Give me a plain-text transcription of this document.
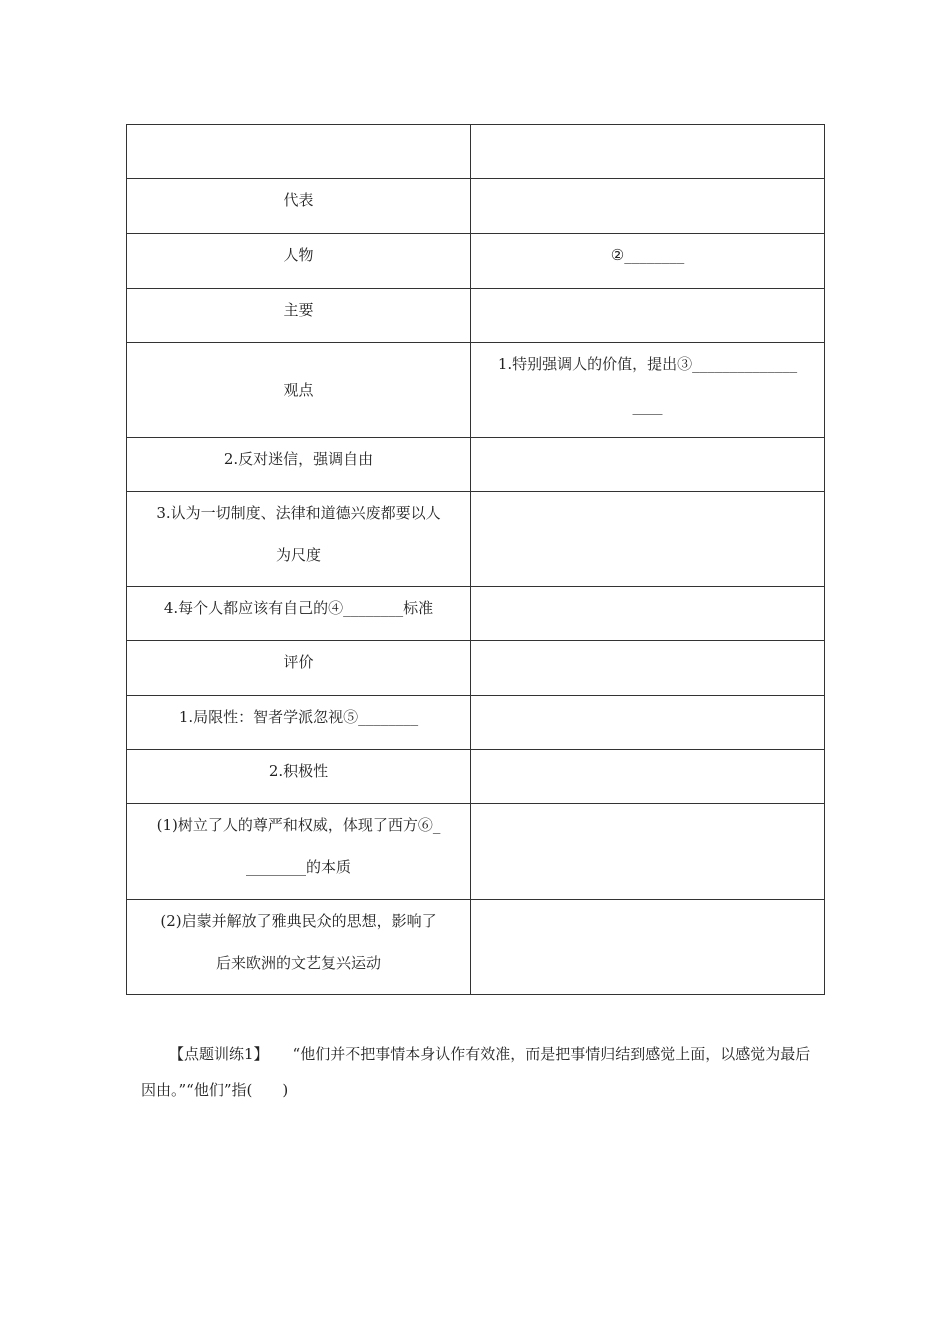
代表	

人物	②________

主要	

观点	1.特别强调人的价值，提出③______________
____

2.反对迷信，强调自由	

3.认为一切制度、法律和道德兴废都要以人
为尺度	

4.每个人都应该有自己的④________标准	

评价	

1.局限性：智者学派忽视⑤________	

2.积极性	

(1)树立了人的尊严和权威，体现了西方⑥_
________的本质	

(2)启蒙并解放了雅典民众的思想，影响了
后来欧洲的文艺复兴运动	

【点题训练1】 “他们并不把事情本身认作有效准，而是把事情归结到感觉上面，以感觉为最后因由。”“他们”指(　　)
